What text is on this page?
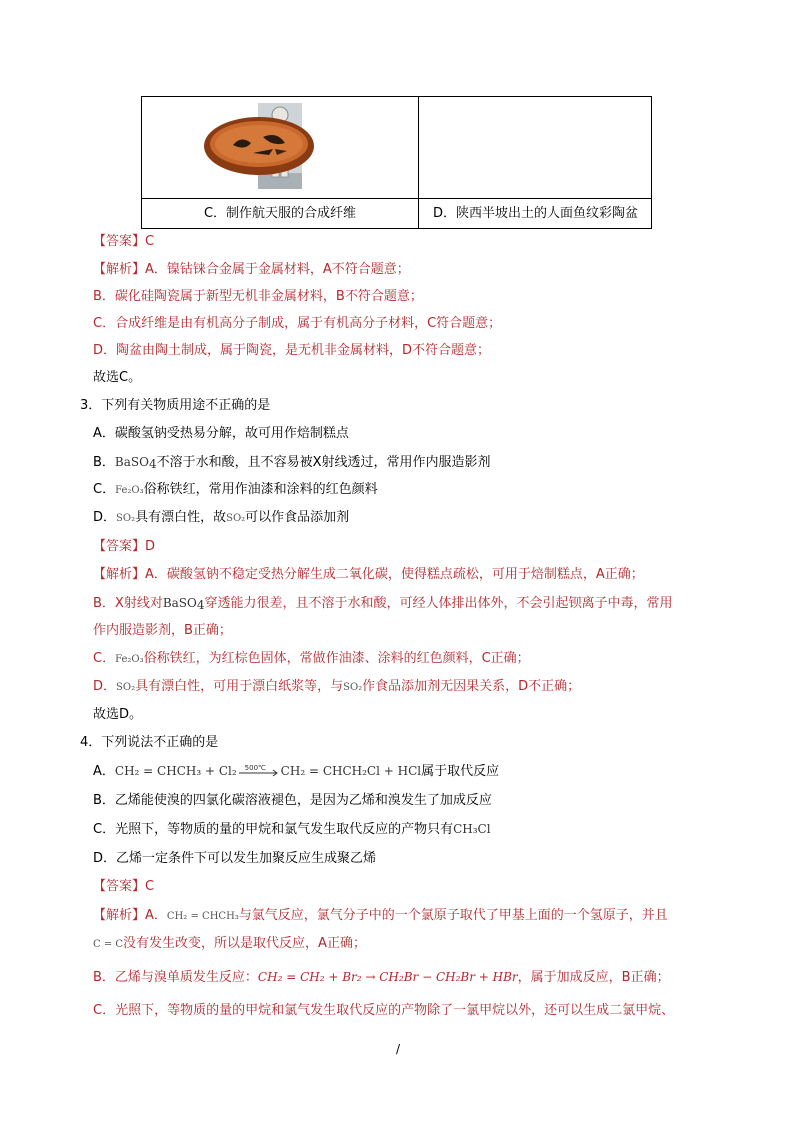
C．制作航天服的合成纤维	D．陕西半坡出土的人面鱼纹彩陶盆
【答案】C
【解析】A．镍钴铼合金属于金属材料，A不符合题意；
B．碳化硅陶瓷属于新型无机非金属材料，B不符合题意；
C．合成纤维是由有机高分子制成，属于有机高分子材料，C符合题意；
D．陶盆由陶土制成，属于陶瓷，是无机非金属材料，D不符合题意；
故选C。
3．下列有关物质用途不正确的是
A．碳酸氢钠受热易分解，故可用作焙制糕点
B．BaSO4不溶于水和酸，且不容易被X射线透过，常用作内服造影剂
C．Fe₂O₃俗称铁红，常用作油漆和涂料的红色颜料
D．SO₂具有漂白性，故SO₂可以作食品添加剂
【答案】D
【解析】A．碳酸氢钠不稳定受热分解生成二氧化碳，使得糕点疏松，可用于焙制糕点，A正确；
B．X射线对BaSO4穿透能力很差，且不溶于水和酸，可经人体排出体外，不会引起钡离子中毒，常用
作内服造影剂，B正确；
C．Fe₂O₃俗称铁红，为红棕色固体，常做作油漆、涂料的红色颜料，C正确；
D．SO₂具有漂白性，可用于漂白纸浆等，与SO₂作食品添加剂无因果关系，D不正确；
故选D。
4．下列说法不正确的是
A．CH₂ = CHCH₃ + Cl₂ 500℃ CH₂ = CHCH₂Cl + HCl属于取代反应
B．乙烯能使溴的四氯化碳溶液褪色，是因为乙烯和溴发生了加成反应
C．光照下，等物质的量的甲烷和氯气发生取代反应的产物只有CH₃Cl
D．乙烯一定条件下可以发生加聚反应生成聚乙烯
【答案】C
【解析】A．CH₂ = CHCH₃与氯气反应，氯气分子中的一个氯原子取代了甲基上面的一个氢原子，并且
C = C没有发生改变，所以是取代反应，A正确；
B．乙烯与溴单质发生反应：CH₂ = CH₂ + Br₂ → CH₂Br − CH₂Br + HBr，属于加成反应，B正确；
C．光照下，等物质的量的甲烷和氯气发生取代反应的产物除了一氯甲烷以外，还可以生成二氯甲烷、
/
